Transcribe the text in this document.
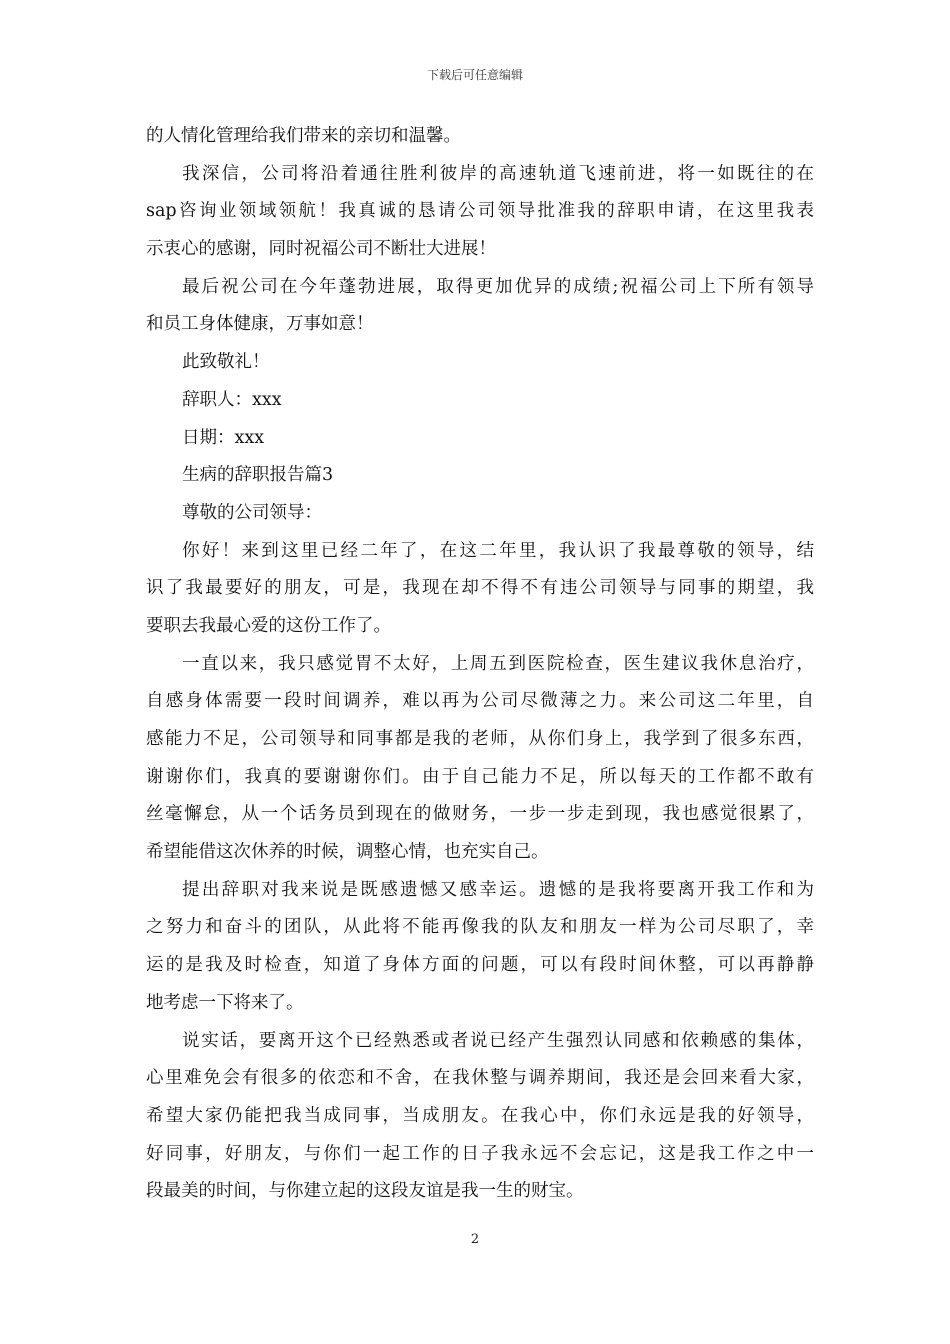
下载后可任意编辑
的人情化管理给我们带来的亲切和温馨。
我深信，公司将沿着通往胜利彼岸的高速轨道飞速前进，将一如既往的在
sap咨询业领域领航！我真诚的恳请公司领导批准我的辞职申请，在这里我表
示衷心的感谢，同时祝福公司不断壮大进展！
最后祝公司在今年蓬勃进展，取得更加优异的成绩;祝福公司上下所有领导
和员工身体健康，万事如意！
此致敬礼！
辞职人：xxx
日期：xxx
生病的辞职报告篇3
尊敬的公司领导：
你好！来到这里已经二年了，在这二年里，我认识了我最尊敬的领导，结
识了我最要好的朋友，可是，我现在却不得不有违公司领导与同事的期望，我
要职去我最心爱的这份工作了。
一直以来，我只感觉胃不太好，上周五到医院检查，医生建议我休息治疗，
自感身体需要一段时间调养，难以再为公司尽微薄之力。来公司这二年里，自
感能力不足，公司领导和同事都是我的老师，从你们身上，我学到了很多东西，
谢谢你们，我真的要谢谢你们。由于自己能力不足，所以每天的工作都不敢有
丝毫懈怠，从一个话务员到现在的做财务，一步一步走到现，我也感觉很累了，
希望能借这次休养的时候，调整心情，也充实自己。
提出辞职对我来说是既感遗憾又感幸运。遗憾的是我将要离开我工作和为
之努力和奋斗的团队，从此将不能再像我的队友和朋友一样为公司尽职了，幸
运的是我及时检查，知道了身体方面的问题，可以有段时间休整，可以再静静
地考虑一下将来了。
说实话，要离开这个已经熟悉或者说已经产生强烈认同感和依赖感的集体，
心里难免会有很多的依恋和不舍，在我休整与调养期间，我还是会回来看大家，
希望大家仍能把我当成同事，当成朋友。在我心中，你们永远是我的好领导，
好同事，好朋友，与你们一起工作的日子我永远不会忘记，这是我工作之中一
段最美的时间，与你建立起的这段友谊是我一生的财宝。
2
